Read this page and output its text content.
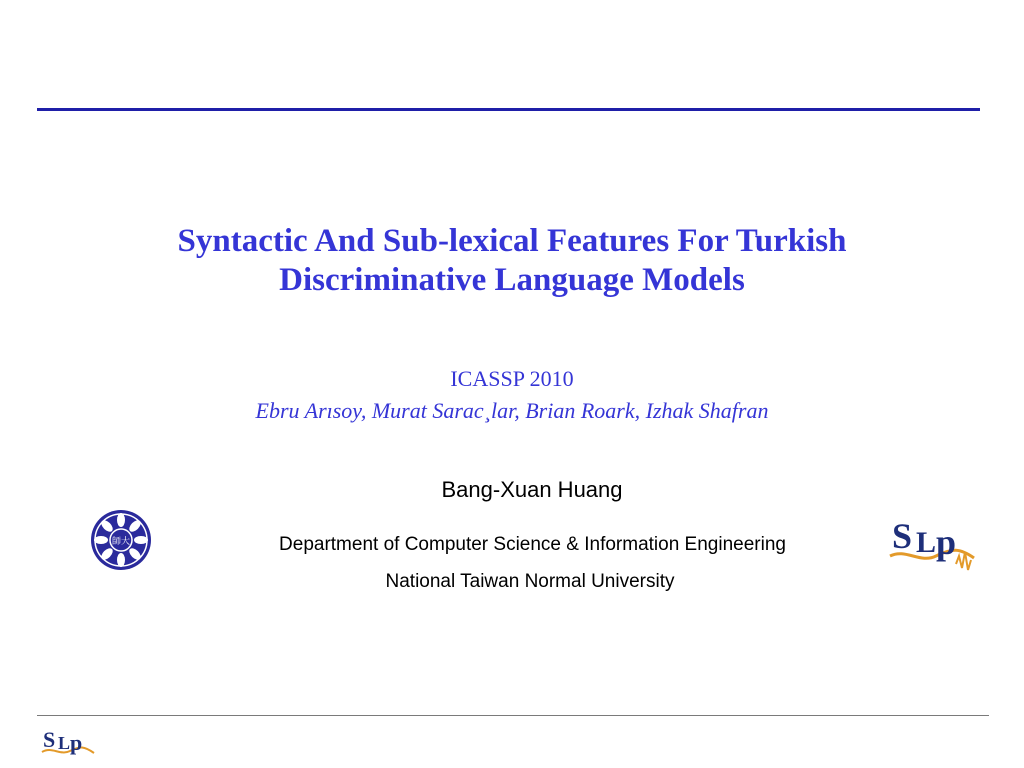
Syntactic And Sub-lexical Features For Turkish
Discriminative Language Models
ICASSP 2010
Ebru Arısoy, Murat Sarac¸lar, Brian Roark, Izhak Shafran
Bang-Xuan Huang
師大	Department of Computer Science & Information Engineering
National Taiwan Normal University
S L p
S L p
